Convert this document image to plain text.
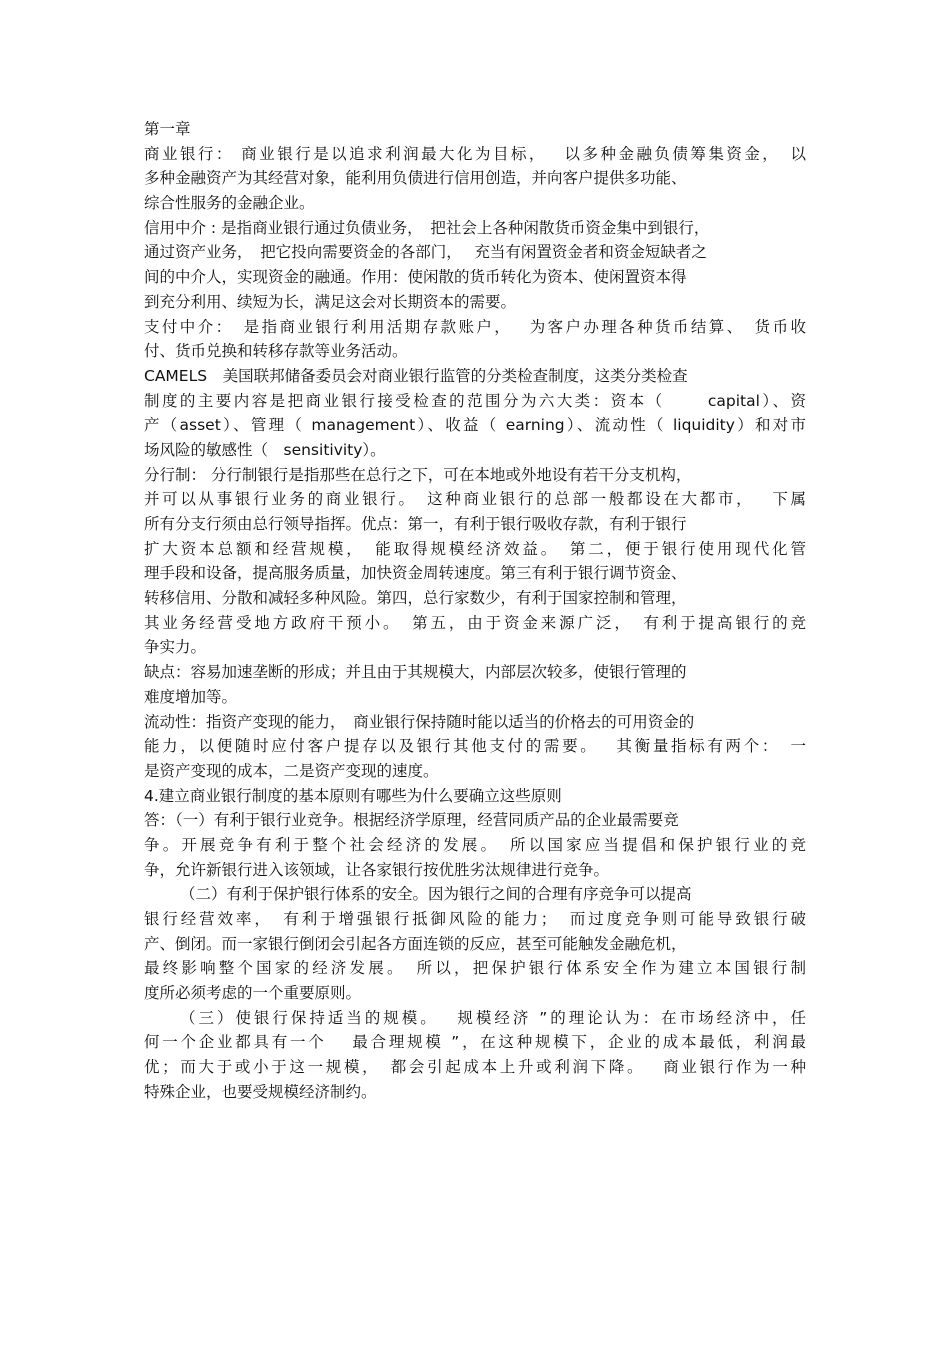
第一章
商业银行： 商业银行是以追求利润最大化为目标，　 以多种金融负债筹集资金，　以
多种金融资产为其经营对象，能利用负债进行信用创造，并向客户提供多功能、
综合性服务的金融企业。
信用中介 : 是指商业银行通过负债业务，　把社会上各种闲散货币资金集中到银行，
通过资产业务，　把它投向需要资金的各部门，　 充当有闲置资金者和资金短缺者之
间的中介人，实现资金的融通。作用：使闲散的货币转化为资本、使闲置资本得
到充分利用、续短为长，满足这会对长期资本的需要。
支付中介：　是指商业银行利用活期存款账户，　 为客户办理各种货币结算、　货币收
付、货币兑换和转移存款等业务活动。
CAMELS　美国联邦储备委员会对商业银行监管的分类检查制度，这类分类检查
制度的主要内容是把商业银行接受检查的范围分为六大类：资本（　　 capital）、资
产（asset）、管理（ management）、收益（ earning）、流动性（ liquidity）和对市
场风险的敏感性（　sensitivity）。
分行制： 分行制银行是指那些在总行之下，可在本地或外地设有若干分支机构，
并可以从事银行业务的商业银行。　这种商业银行的总部一般都设在大都市，　 下属
所有分支行须由总行领导指挥。优点：第一，有利于银行吸收存款，有利于银行
扩大资本总额和经营规模，　能取得规模经济效益。　第二，便于银行使用现代化管
理手段和设备，提高服务质量，加快资金周转速度。第三有利于银行调节资金、
转移信用、分散和减轻多种风险。第四，总行家数少，有利于国家控制和管理，
其业务经营受地方政府干预小。　第五，由于资金来源广泛，　有利于提高银行的竞
争实力。
缺点：容易加速垄断的形成；并且由于其规模大，内部层次较多，使银行管理的
难度增加等。
流动性：指资产变现的能力，　商业银行保持随时能以适当的价格去的可用资金的
能力，以便随时应付客户提存以及银行其他支付的需要。　 其衡量指标有两个：　一
是资产变现的成本，二是资产变现的速度。
4.建立商业银行制度的基本原则有哪些为什么要确立这些原则
答：（一）有利于银行业竞争。根据经济学原理，经营同质产品的企业最需要竞
争。开展竞争有利于整个社会经济的发展。　所以国家应当提倡和保护银行业的竞
争，允许新银行进入该领域，让各家银行按优胜劣汰规律进行竞争。
（二）有利于保护银行体系的安全。因为银行之间的合理有序竞争可以提高
银行经营效率，　有利于增强银行抵御风险的能力；　而过度竞争则可能导致银行破
产、倒闭。而一家银行倒闭会引起各方面连锁的反应，甚至可能触发金融危机，
最终影响整个国家的经济发展。　所以，把保护银行体系安全作为建立本国银行制
度所必须考虑的一个重要原则。
（三）使银行保持适当的规模。　 规模经济 ”的理论认为：在市场经济中，任
何一个企业都具有一个　 最合理规模 ”，在这种规模下，企业的成本最低，利润最
优；而大于或小于这一规模，　都会引起成本上升或利润下降。　 商业银行作为一种
特殊企业，也要受规模经济制约。
